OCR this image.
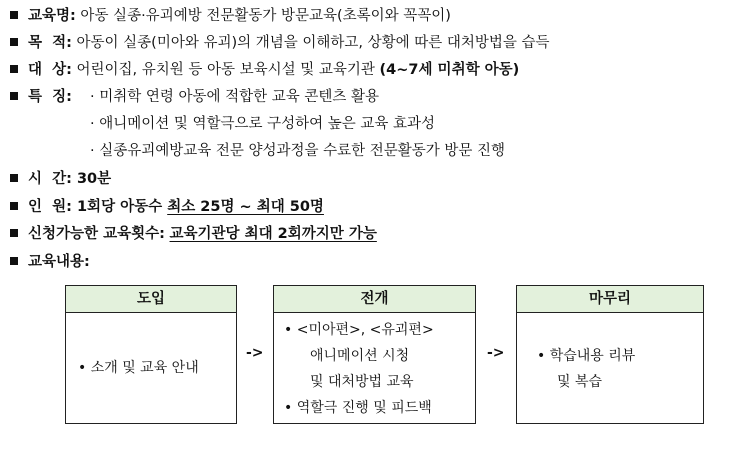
교육명: 아동 실종·유괴예방 전문활동가 방문교육(초록이와 꼭꼭이)
목  적: 아동이 실종(미아와 유괴)의 개념을 이해하고, 상황에 따른 대처방법을 습득
대  상: 어린이집, 유치원 등 아동 보육시설 및 교육기관 (4~7세 미취학 아동)
특  징: · 미취학 연령 아동에 적합한 교육 콘텐츠 활용
· 애니메이션 및 역할극으로 구성하여 높은 교육 효과성
· 실종유괴예방교육 전문 양성과정을 수료한 전문활동가 방문 진행
시  간: 30분
인  원: 1회당 아동수 최소 25명 ~ 최대 50명
신청가능한 교육횟수: 교육기관당 최대 2회까지만 가능
교육내용:
도입
• 소개 및 교육 안내
->
전개
• <미아편>, <유괴편>
애니메이션 시청
및 대처방법 교육
• 역할극 진행 및 피드백
->
마무리
• 학습내용 리뷰
및 복습
